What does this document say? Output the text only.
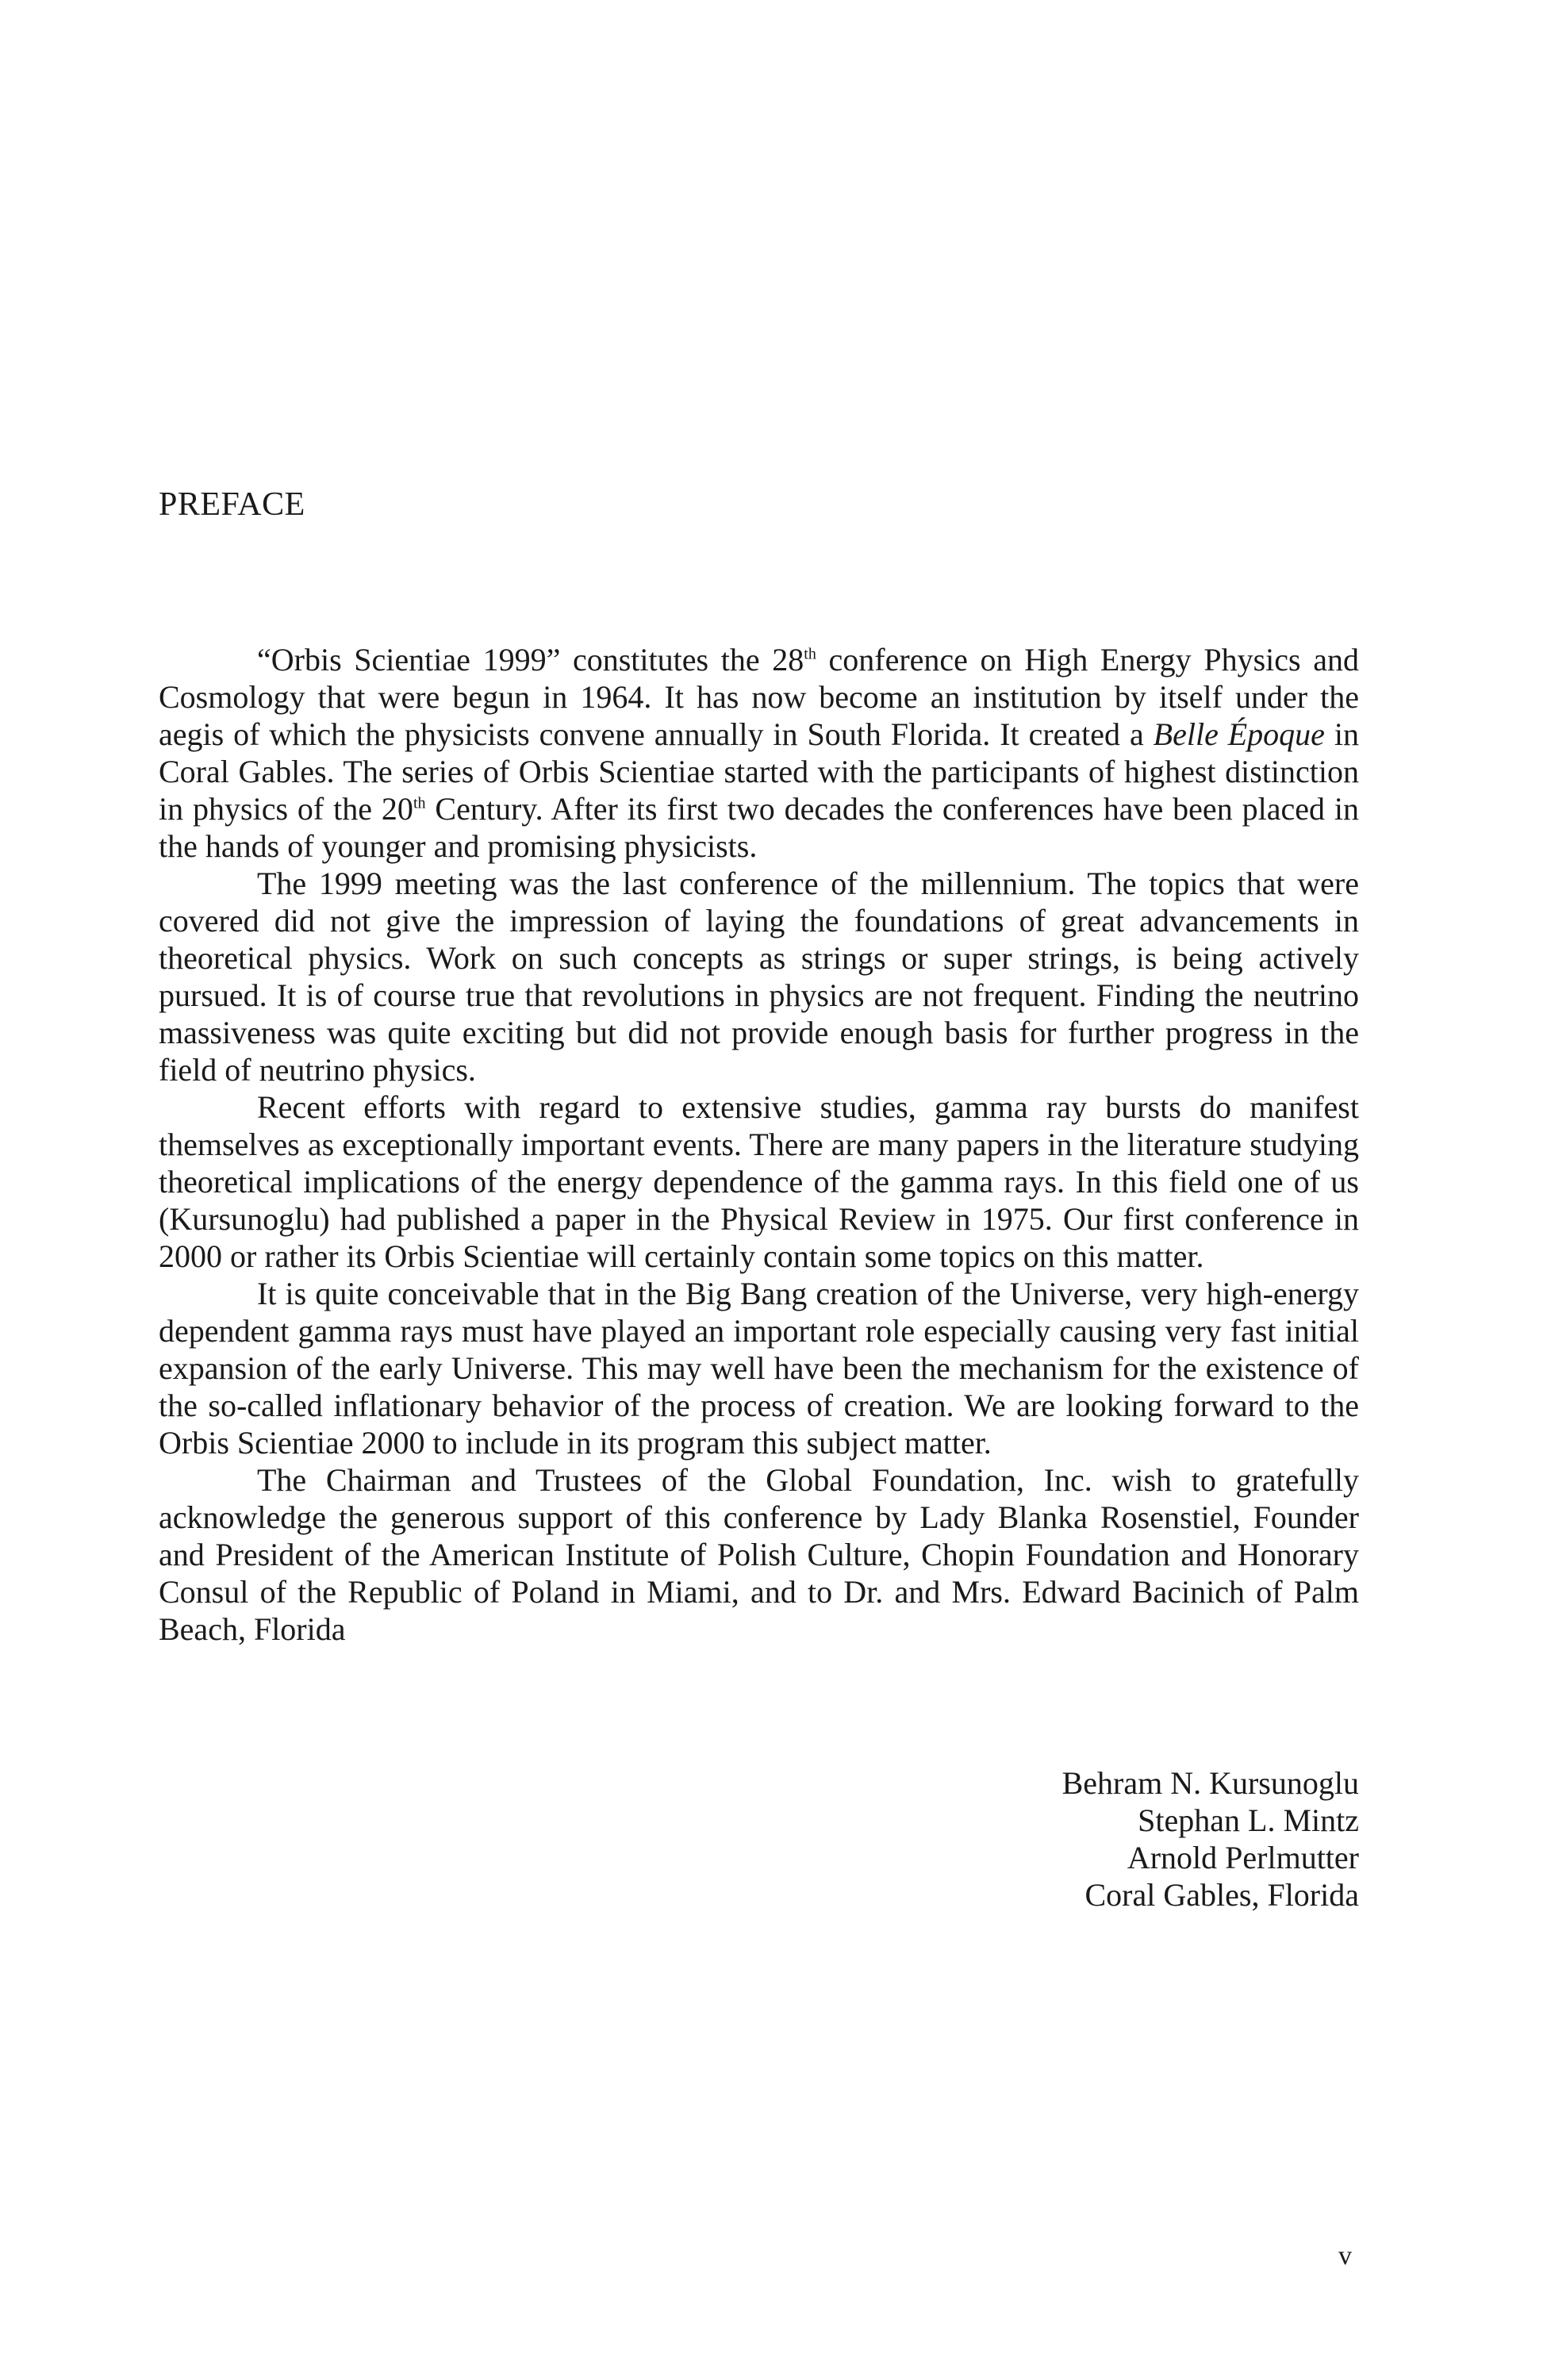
PREFACE

“Orbis Scientiae 1999” constitutes the 28th conference on High Energy Physics and Cosmology that were begun in 1964. It has now become an institution by itself under the aegis of which the physicists convene annually in South Florida. It created a Belle Époque in Coral Gables. The series of Orbis Scientiae started with the participants of highest distinction in physics of the 20th Century. After its first two decades the conferences have been placed in the hands of younger and promising physicists.

The 1999 meeting was the last conference of the millennium. The topics that were covered did not give the impression of laying the foundations of great advancements in theoretical physics. Work on such concepts as strings or super strings, is being actively pursued. It is of course true that revolutions in physics are not frequent. Finding the neutrino massiveness was quite exciting but did not provide enough basis for further progress in the field of neutrino physics.

Recent efforts with regard to extensive studies, gamma ray bursts do manifest themselves as exceptionally important events. There are many papers in the literature studying theoretical implications of the energy dependence of the gamma rays. In this field one of us (Kursunoglu) had published a paper in the Physical Review in 1975. Our first conference in 2000 or rather its Orbis Scientiae will certainly contain some topics on this matter.

It is quite conceivable that in the Big Bang creation of the Universe, very high-energy dependent gamma rays must have played an important role especially causing very fast initial expansion of the early Universe. This may well have been the mechanism for the existence of the so-called inflationary behavior of the process of creation. We are looking forward to the Orbis Scientiae 2000 to include in its program this subject matter.

The Chairman and Trustees of the Global Foundation, Inc. wish to gratefully acknowledge the generous support of this conference by Lady Blanka Rosenstiel, Founder and President of the American Institute of Polish Culture, Chopin Foundation and Honorary Consul of the Republic of Poland in Miami, and to Dr. and Mrs. Edward Bacinich of Palm Beach, Florida

Behram N. Kursunoglu
Stephan L. Mintz
Arnold Perlmutter
Coral Gables, Florida
v
